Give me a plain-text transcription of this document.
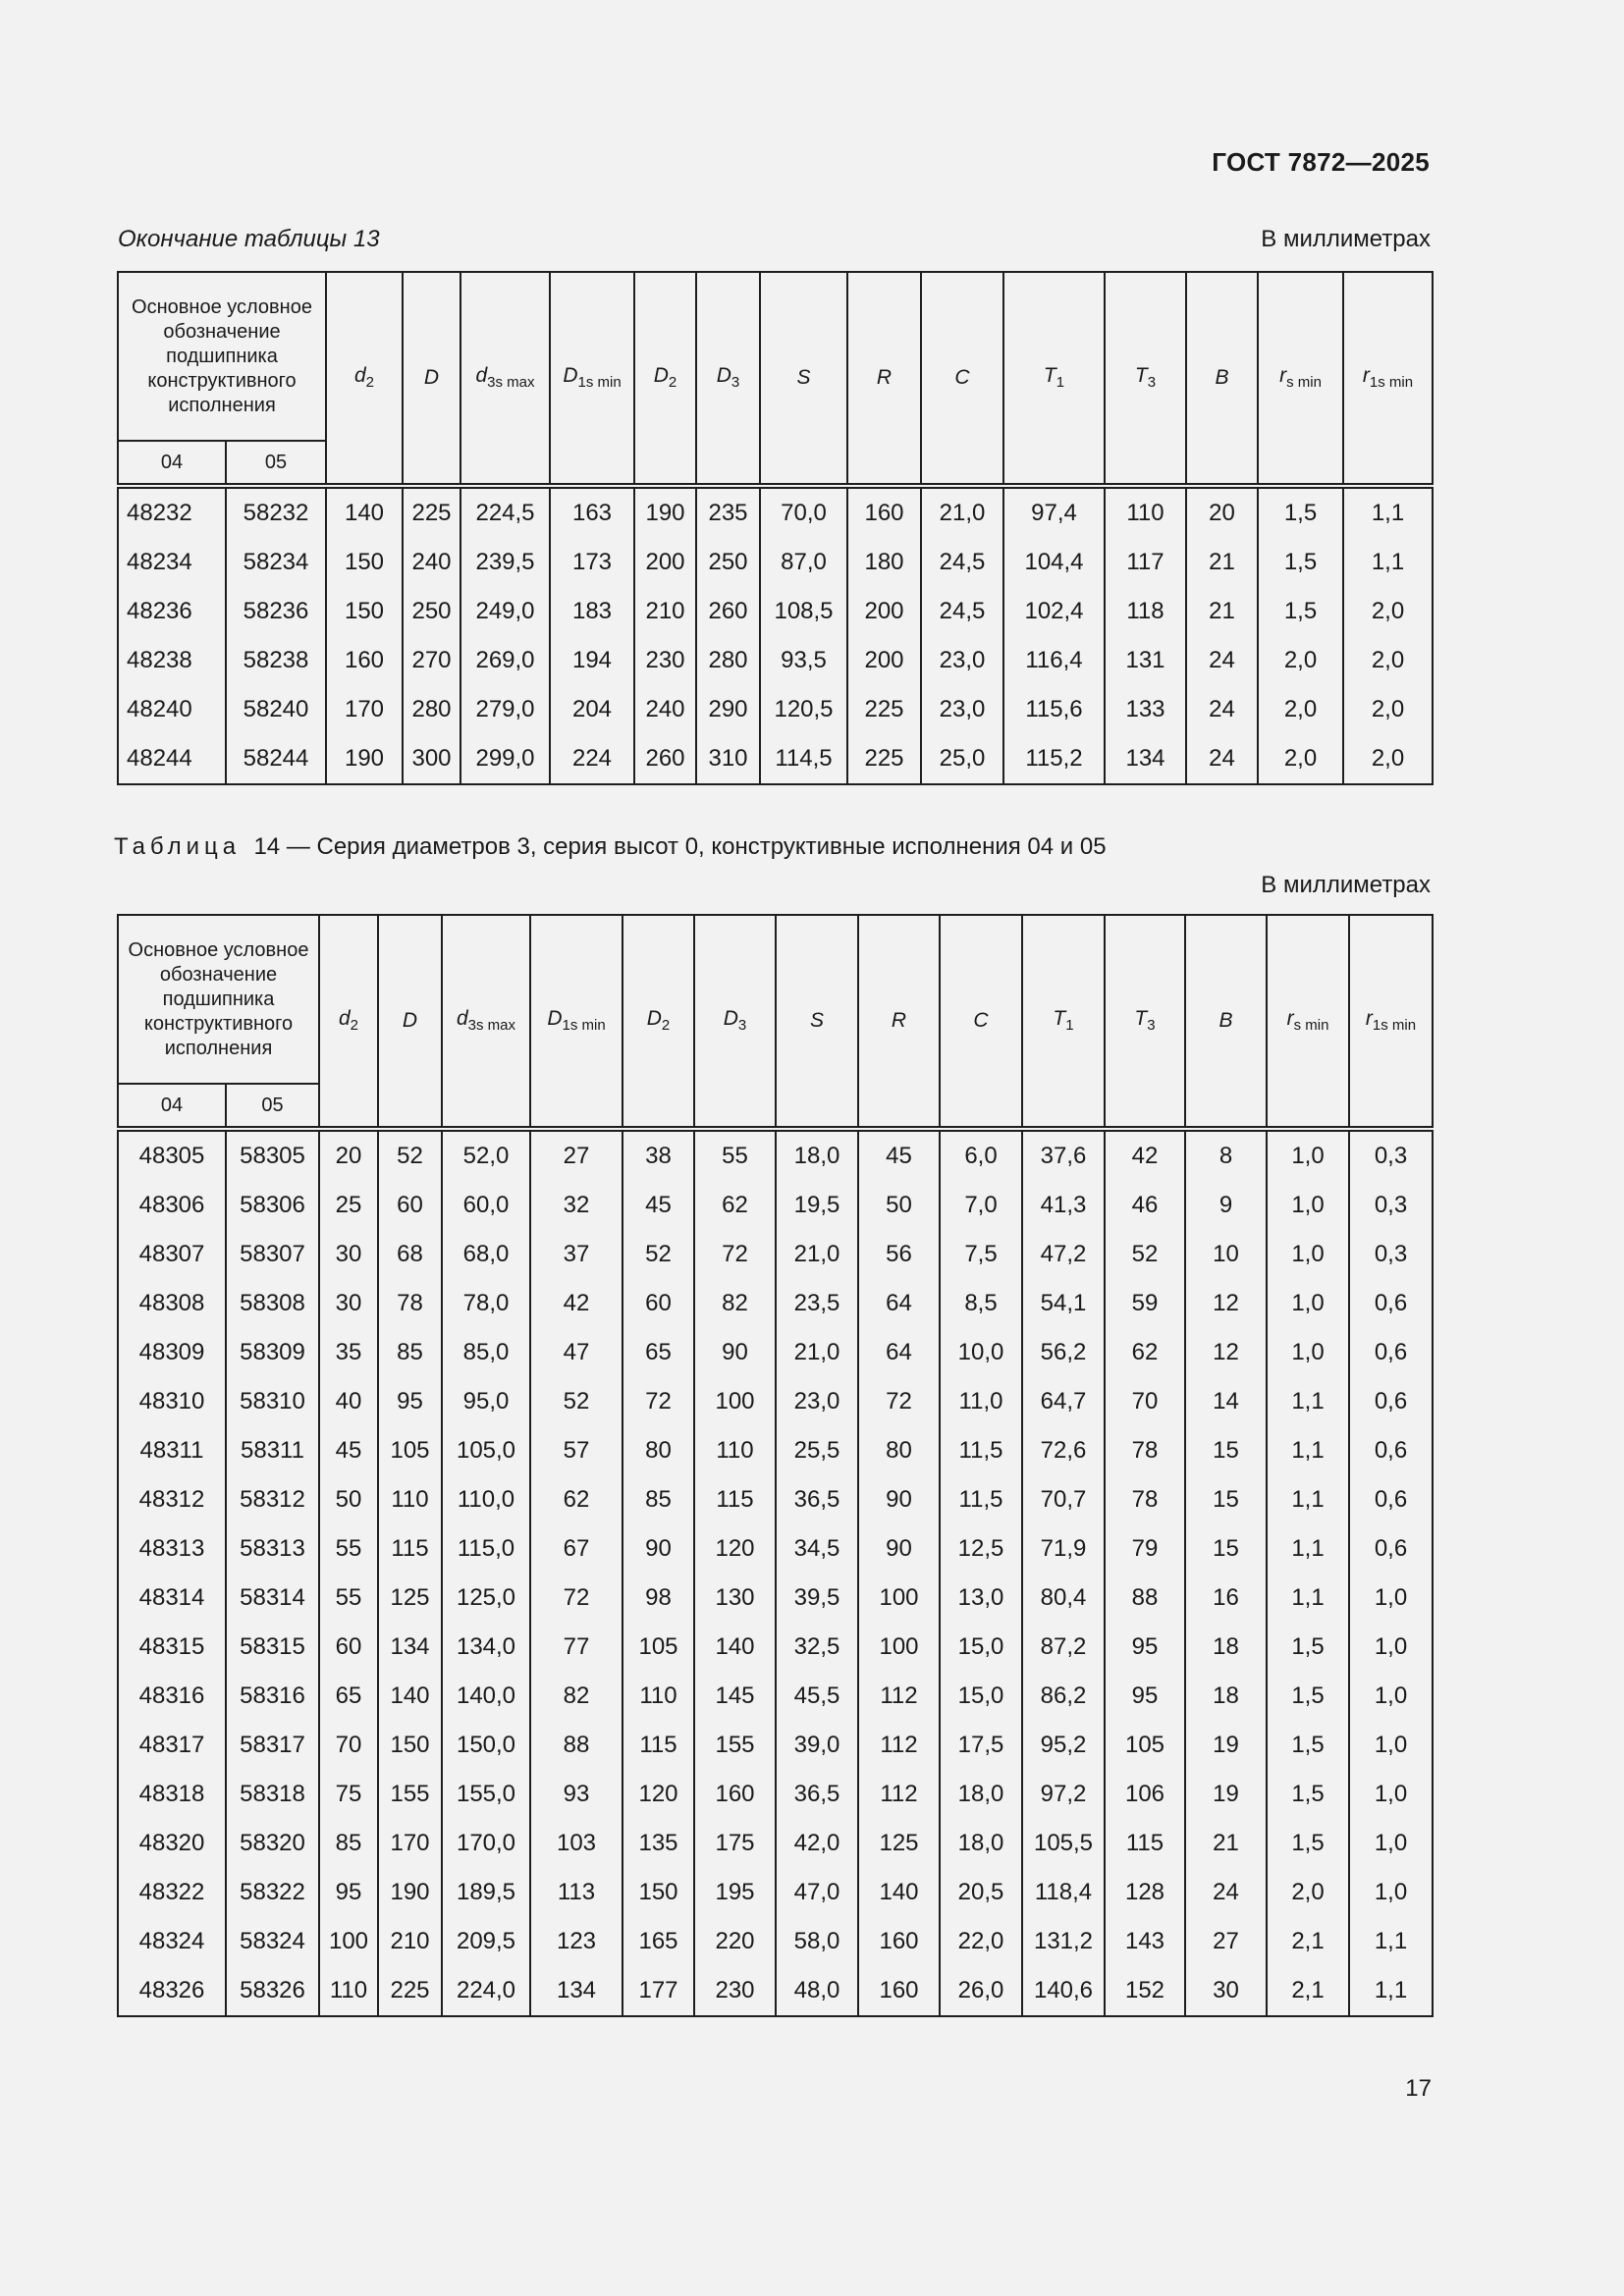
ГОСТ 7872—2025
Окончание таблицы 13	В миллиметрах
Основное условное обозначение подшипника конструктивного исполнения		$d_2$	D	$d_{3s max}$	$D_{1s min}$	$D_2$	$D_3$	S	R	C	$T_1$	$T_3$	B	$r_{s min}$	$r_{1s min}$
04	05														
48232	58232	140	225	224,5	163	190	235	70,0	160	21,0	97,4	110	20	1,5	1,1
48234	58234	150	240	239,5	173	200	250	87,0	180	24,5	104,4	117	21	1,5	1,1
48236	58236	150	250	249,0	183	210	260	108,5	200	24,5	102,4	118	21	1,5	2,0
48238	58238	160	270	269,0	194	230	280	93,5	200	23,0	116,4	131	24	2,0	2,0
48240	58240	170	280	279,0	204	240	290	120,5	225	23,0	115,6	133	24	2,0	2,0
48244	58244	190	300	299,0	224	260	310	114,5	225	25,0	115,2	134	24	2,0	2,0
Таблица 14 — Серия диаметров 3, серия высот 0, конструктивные исполнения 04 и 05
В миллиметрах
Основное условное обозначение подшипника конструктивного исполнения		$d_2$	D	$d_{3s max}$	$D_{1s min}$	$D_2$	$D_3$	S	R	C	$T_1$	$T_3$	B	$r_{s min}$	$r_{1s min}$
04	05														
48305	58305	20	52	52,0	27	38	55	18,0	45	6,0	37,6	42	8	1,0	0,3
48306	58306	25	60	60,0	32	45	62	19,5	50	7,0	41,3	46	9	1,0	0,3
48307	58307	30	68	68,0	37	52	72	21,0	56	7,5	47,2	52	10	1,0	0,3
48308	58308	30	78	78,0	42	60	82	23,5	64	8,5	54,1	59	12	1,0	0,6
48309	58309	35	85	85,0	47	65	90	21,0	64	10,0	56,2	62	12	1,0	0,6
48310	58310	40	95	95,0	52	72	100	23,0	72	11,0	64,7	70	14	1,1	0,6
48311	58311	45	105	105,0	57	80	110	25,5	80	11,5	72,6	78	15	1,1	0,6
48312	58312	50	110	110,0	62	85	115	36,5	90	11,5	70,7	78	15	1,1	0,6
48313	58313	55	115	115,0	67	90	120	34,5	90	12,5	71,9	79	15	1,1	0,6
48314	58314	55	125	125,0	72	98	130	39,5	100	13,0	80,4	88	16	1,1	1,0
48315	58315	60	134	134,0	77	105	140	32,5	100	15,0	87,2	95	18	1,5	1,0
48316	58316	65	140	140,0	82	110	145	45,5	112	15,0	86,2	95	18	1,5	1,0
48317	58317	70	150	150,0	88	115	155	39,0	112	17,5	95,2	105	19	1,5	1,0
48318	58318	75	155	155,0	93	120	160	36,5	112	18,0	97,2	106	19	1,5	1,0
48320	58320	85	170	170,0	103	135	175	42,0	125	18,0	105,5	115	21	1,5	1,0
48322	58322	95	190	189,5	113	150	195	47,0	140	20,5	118,4	128	24	2,0	1,0
48324	58324	100	210	209,5	123	165	220	58,0	160	22,0	131,2	143	27	2,1	1,1
48326	58326	110	225	224,0	134	177	230	48,0	160	26,0	140,6	152	30	2,1	1,1
17
